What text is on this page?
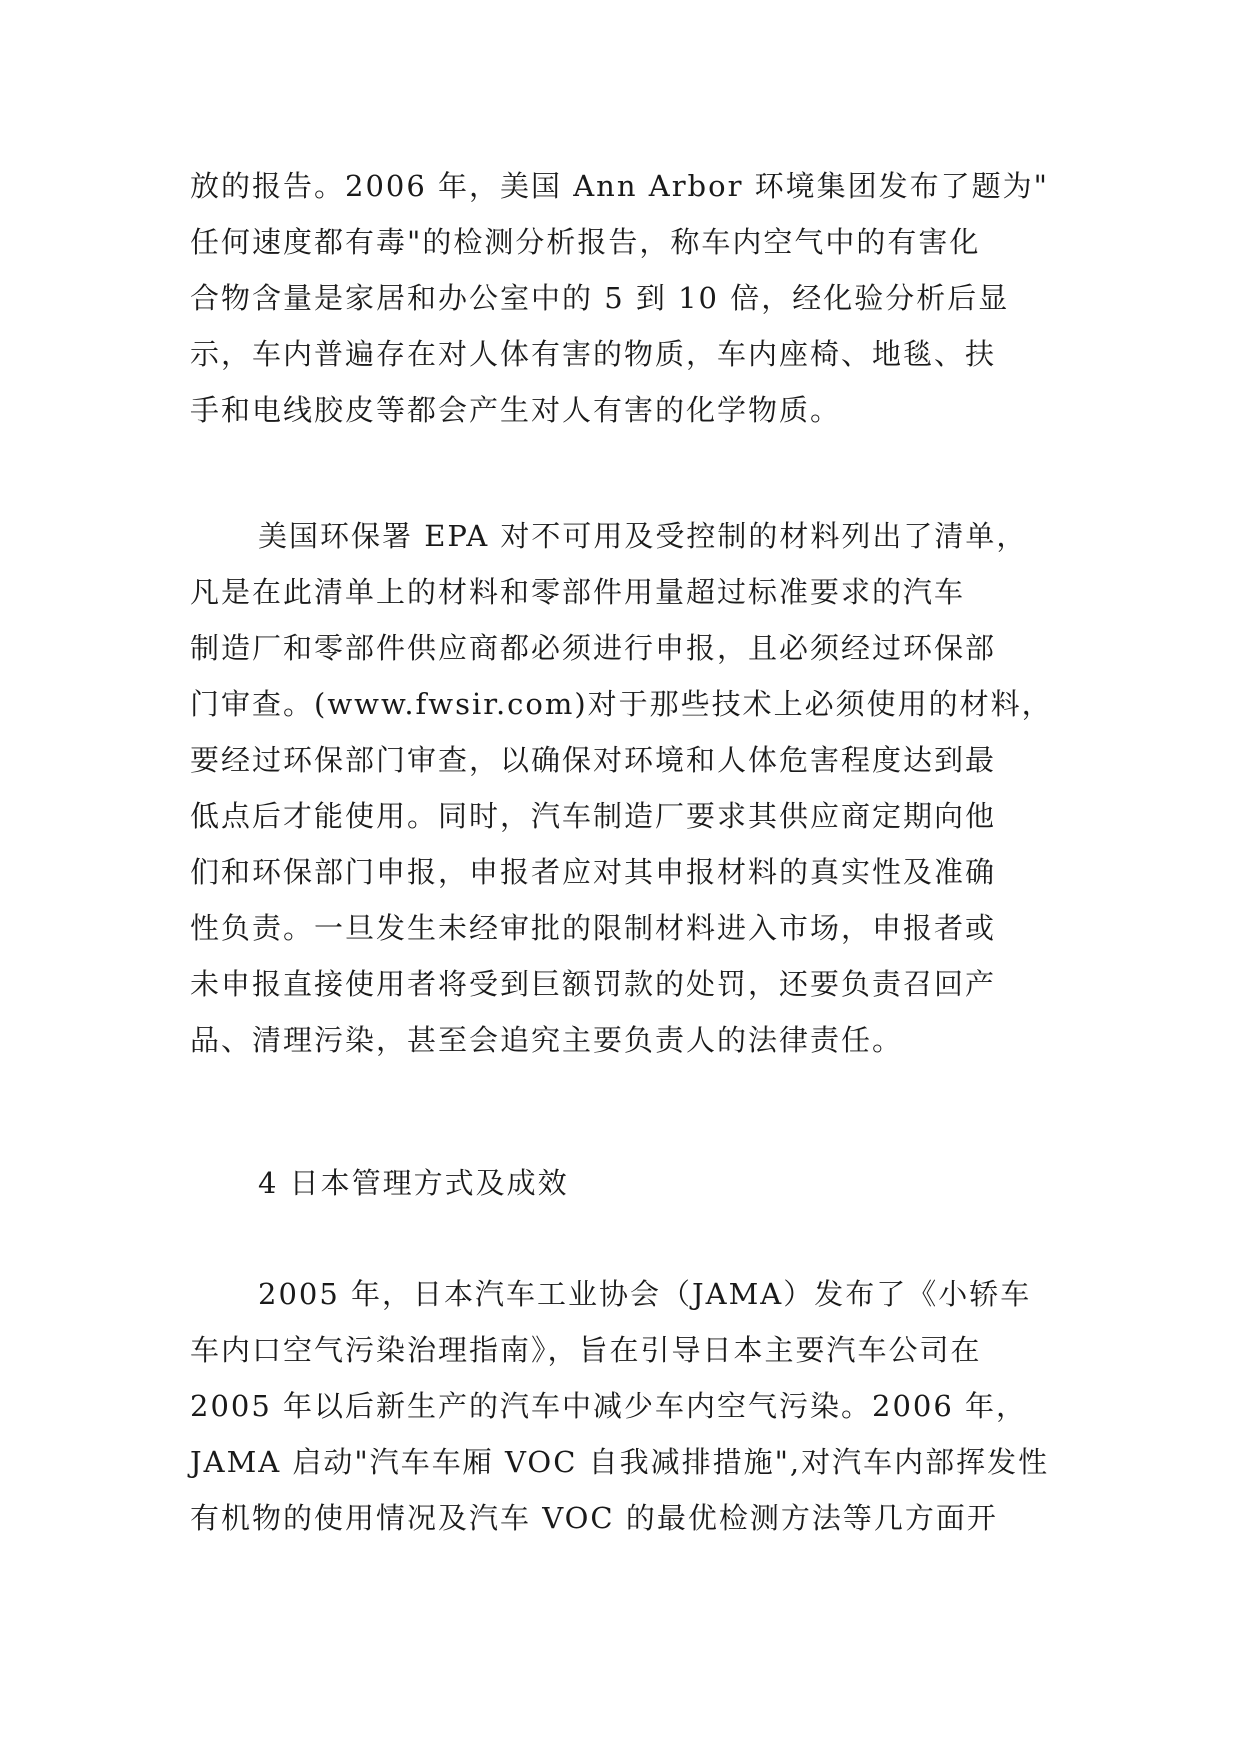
放的报告。2006 年，美国 Ann Arbor 环境集团发布了题为"
任何速度都有毒"的检测分析报告，称车内空气中的有害化
合物含量是家居和办公室中的 5 到 10 倍，经化验分析后显
示，车内普遍存在对人体有害的物质，车内座椅、地毯、扶
手和电线胶皮等都会产生对人有害的化学物质。
美国环保署 EPA 对不可用及受控制的材料列出了清单，
凡是在此清单上的材料和零部件用量超过标准要求的汽车
制造厂和零部件供应商都必须进行申报，且必须经过环保部
门审查。(www.fwsir.com)对于那些技术上必须使用的材料，
要经过环保部门审查，以确保对环境和人体危害程度达到最
低点后才能使用。同时，汽车制造厂要求其供应商定期向他
们和环保部门申报，申报者应对其申报材料的真实性及准确
性负责。一旦发生未经审批的限制材料进入市场，申报者或
未申报直接使用者将受到巨额罚款的处罚，还要负责召回产
品、清理污染，甚至会追究主要负责人的法律责任。
4 日本管理方式及成效
2005 年，日本汽车工业协会（JAMA）发布了《小轿车
车内口空气污染治理指南》，旨在引导日本主要汽车公司在
2005 年以后新生产的汽车中减少车内空气污染。2006 年，
JAMA 启动"汽车车厢 VOC 自我减排措施",对汽车内部挥发性
有机物的使用情况及汽车 VOC 的最优检测方法等几方面开
